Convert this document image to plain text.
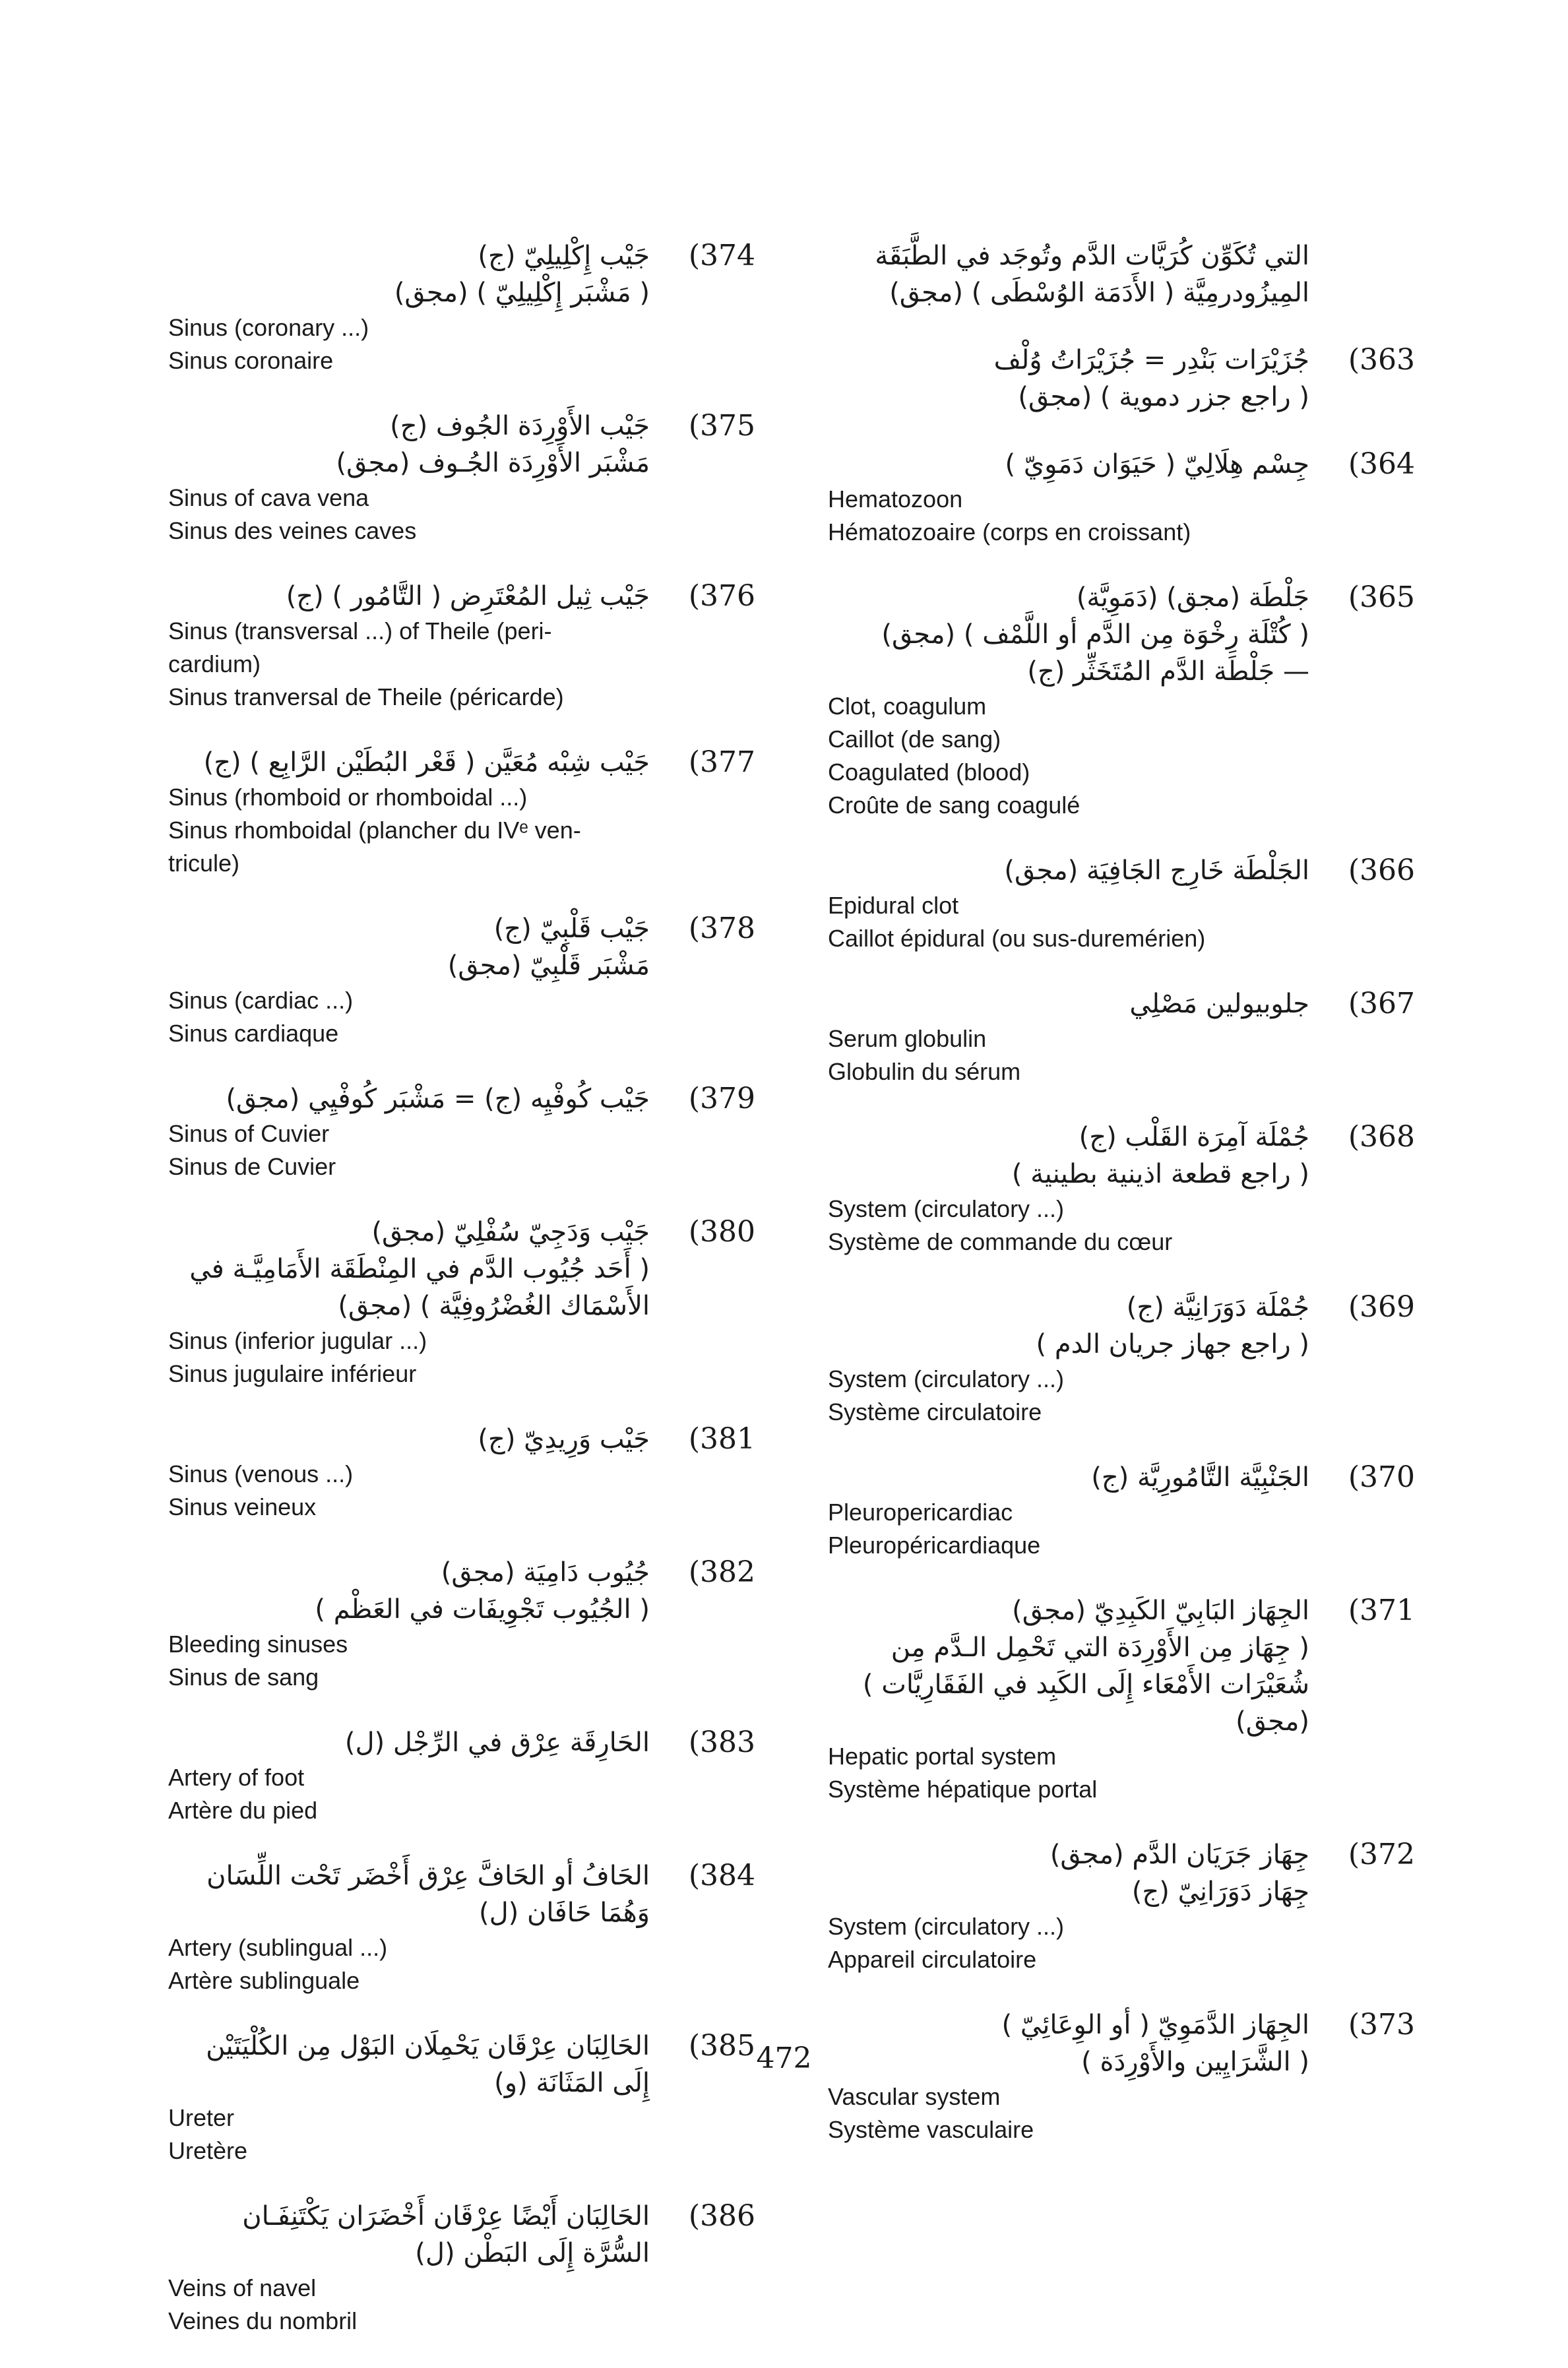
التي تُكَوِّن كُرَيَّات الدَّم وتُوجَد في الطَّبَقَة
المِيزُودرمِيَّة ( الأَدَمَة الوُسْطَى ) (مجق)
(363
جُزَيْرَات بَنْدِر = جُزَيْرَاتُ وُلْف
( راجع جزر دموية ) (مجق)
(364
جِسْم هِلَالِيّ ( حَيَوَان دَمَوِيّ )
Hematozoon
Hématozoaire (corps en croissant)
(365
جَلْطَة (مجق) (دَمَوِيَّة)
( كُتْلَة رِخْوَة مِن الدَّم أو اللَّمْف ) (مجق)
— جَلْطَة الدَّم المُتَخَثِّر (ج)
Clot, coagulum
Caillot (de sang)
Coagulated (blood)
Croûte de sang coagulé
(366
الجَلْطَة خَارِج الجَافِيَة (مجق)
Epidural clot
Caillot épidural (ou sus-duremérien)
(367
جلوبيولين مَصْلِي
Serum globulin
Globulin du sérum
(368
جُمْلَة آمِرَة القَلْب (ج)
( راجع قطعة اذينية بطينية )
System (circulatory ...)
Système de commande du cœur
(369
جُمْلَة دَوَرَانِيَّة (ج)
( راجع جهاز جريان الدم )
System (circulatory ...)
Système circulatoire
(370
الجَنْبِيَّة التَّامُورِيَّة (ج)
Pleuropericardiac
Pleuropéricardiaque
(371
الجِهَاز البَابِيّ الكَبِدِيّ (مجق)
( جِهَاز مِن الأَوْرِدَة التي تَحْمِل الـدَّم مِن
شُعَيْرَات الأَمْعَاء إِلَى الكَبِد في الفَقَارِيَّات )
(مجق)
Hepatic portal system
Système hépatique portal
(372
جِهَاز جَرَيَان الدَّم (مجق)
جِهَاز دَوَرَانِيّ (ج)
System (circulatory ...)
Appareil circulatoire
(373
الجِهَاز الدَّمَوِيّ ( أو الوِعَائِيّ )
( الشَّرَايِين والأَوْرِدَة )
Vascular system
Système vasculaire
(374
جَيْب إِكْلِيلِيّ (ج)
( مَشْبَر إِكْلِيلِيّ ) (مجق)
Sinus (coronary ...)
Sinus coronaire
(375
جَيْب الأَوْرِدَة الجُوف (ج)
مَشْبَر الأَوْرِدَة الجُـوف (مجق)
Sinus of cava vena
Sinus des veines caves
(376
جَيْب ثِيل المُعْتَرِض ( التَّامُور ) (ج)
Sinus (transversal ...) of Theile (peri-
cardium)
Sinus tranversal de Theile (péricarde)
(377
جَيْب شِبْه مُعَيَّن ( قَعْر البُطَيْن الرَّابِع ) (ج)
Sinus (rhomboid or rhomboidal ...)
Sinus rhomboidal (plancher du IVᵉ ven-
tricule)
(378
جَيْب قَلْبِيّ (ج)
مَشْبَر قَلْبِيّ (مجق)
Sinus (cardiac ...)
Sinus cardiaque
(379
جَيْب كُوفْيِه (ج) = مَشْبَر كُوفْيِي (مجق)
Sinus of Cuvier
Sinus de Cuvier
(380
جَيْب وَدَجِيّ سُفْلِيّ (مجق)
( أَحَد جُيُوب الدَّم في المِنْطَقَة الأَمَامِيَّـة في
الأَسْمَاك الغُضْرُوفِيَّة ) (مجق)
Sinus (inferior jugular ...)
Sinus jugulaire inférieur
(381
جَيْب وَرِيدِيّ (ج)
Sinus (venous ...)
Sinus veineux
(382
جُيُوب دَامِيَة (مجق)
( الجُيُوب تَجْوِيفَات في العَظْم )
Bleeding sinuses
Sinus de sang
(383
الحَارِقَة عِرْق في الرِّجْل (ل)
Artery of foot
Artère du pied
(384
الحَافُ أو الحَافَّ عِرْق أَخْضَر تَحْت اللِّسَان
وَهُمَا حَافَان (ل)
Artery (sublingual ...)
Artère sublinguale
(385
الحَالِبَان عِرْقَان يَحْمِلَان البَوْل مِن الكُلْيَتَيْن
إِلَى المَثَانَة (و)
Ureter
Uretère
(386
الحَالِبَان أَيْضًا عِرْقَان أَخْضَرَان يَكْتَنِفَـان
السُّرَّة إِلَى البَطْن (ل)
Veins of navel
Veines du nombril
472
